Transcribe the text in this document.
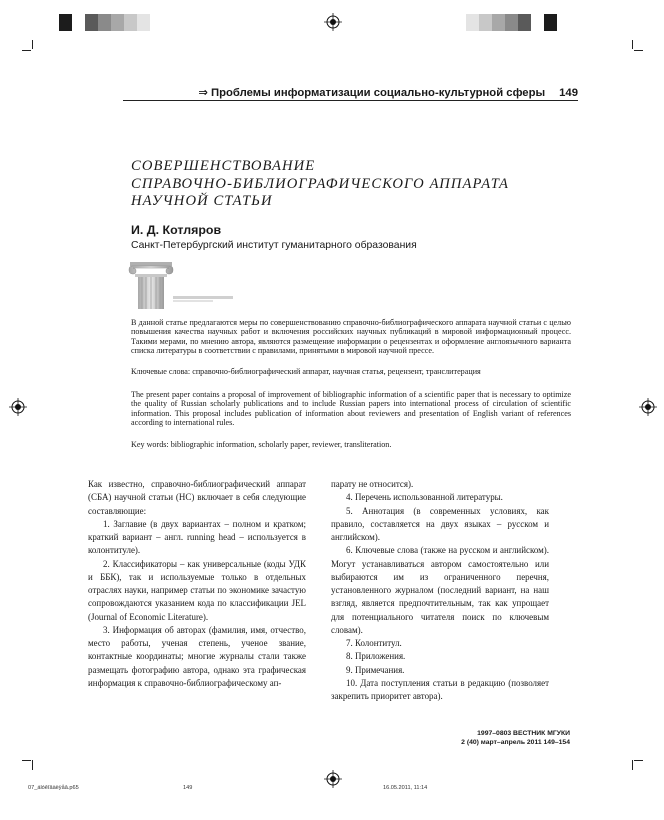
⇒ Проблемы информатизации социально-культурной сферы 149
СОВЕРШЕНСТВОВАНИЕ
СПРАВОЧНО-БИБЛИОГРАФИЧЕСКОГО АППАРАТА
НАУЧНОЙ СТАТЬИ
И. Д. Котляров
Санкт-Петербургский институт гуманитарного образования

В данной статье предлагаются меры по совершенствованию справочно-библиографического аппарата научной статьи с целью повышения качества научных работ и включения российских научных публикаций в мировой информационный процесс. Такими мерами, по мнению автора, являются размещение информации о рецензентах и оформление англоязычного варианта списка литературы в соответствии с правилами, принятыми в мировой научной прессе.

Ключевые слова: справочно-библиографический аппарат, научная статья, рецензент, транслитерация

The present paper contains a proposal of improvement of bibliographic information of a scientific paper that is necessary to optimize the quality of Russian scholarly publications and to include Russian papers into international process of circulation of scientific information. This proposal includes publication of information about reviewers and presentation of English variant of references according to international rules.

Key words: bibliographic information, scholarly paper, reviewer, transliteration.

Как известно, справочно-библиографический аппарат (СБА) научной статьи (НС) включает в себя следующие составляющие:

1. Заглавие (в двух вариантах – полном и кратком; краткий вариант – англ. running head – используется в колонтитуле).

2. Классификаторы – как универсальные (коды УДК и ББК), так и используемые только в отдельных отраслях науки, например статьи по экономике зачастую сопровождаются указанием кода по классификации JEL (Journal of Economic Literature).

3. Информация об авторах (фамилия, имя, отчество, место работы, ученая степень, ученое звание, контактные координаты; многие журналы стали также размещать фотографию автора, однако эта графическая информация к справочно-библиографическому ап-

парату не относится).

4. Перечень использованной литературы.

5. Аннотация (в современных условиях, как правило, составляется на двух языках – русском и английском).

6. Ключевые слова (также на русском и английском). Могут устанавливаться автором самостоятельно или выбираются им из ограниченного перечня, установленного журналом (последний вариант, на наш взгляд, является предпочтительным, так как упрощает для потенциального читателя поиск по ключевым словам).

7. Колонтитул.

8. Приложения.

9. Примечания.

10. Дата поступления статьи в редакцию (позволяет закрепить приоритет автора).

1997–0803 ВЕСТНИК МГУКИ
2 (40) март–апрель 2011 149–154
07_álóêîâàëÿåâ.p65	149	16.05.2011, 11:14
